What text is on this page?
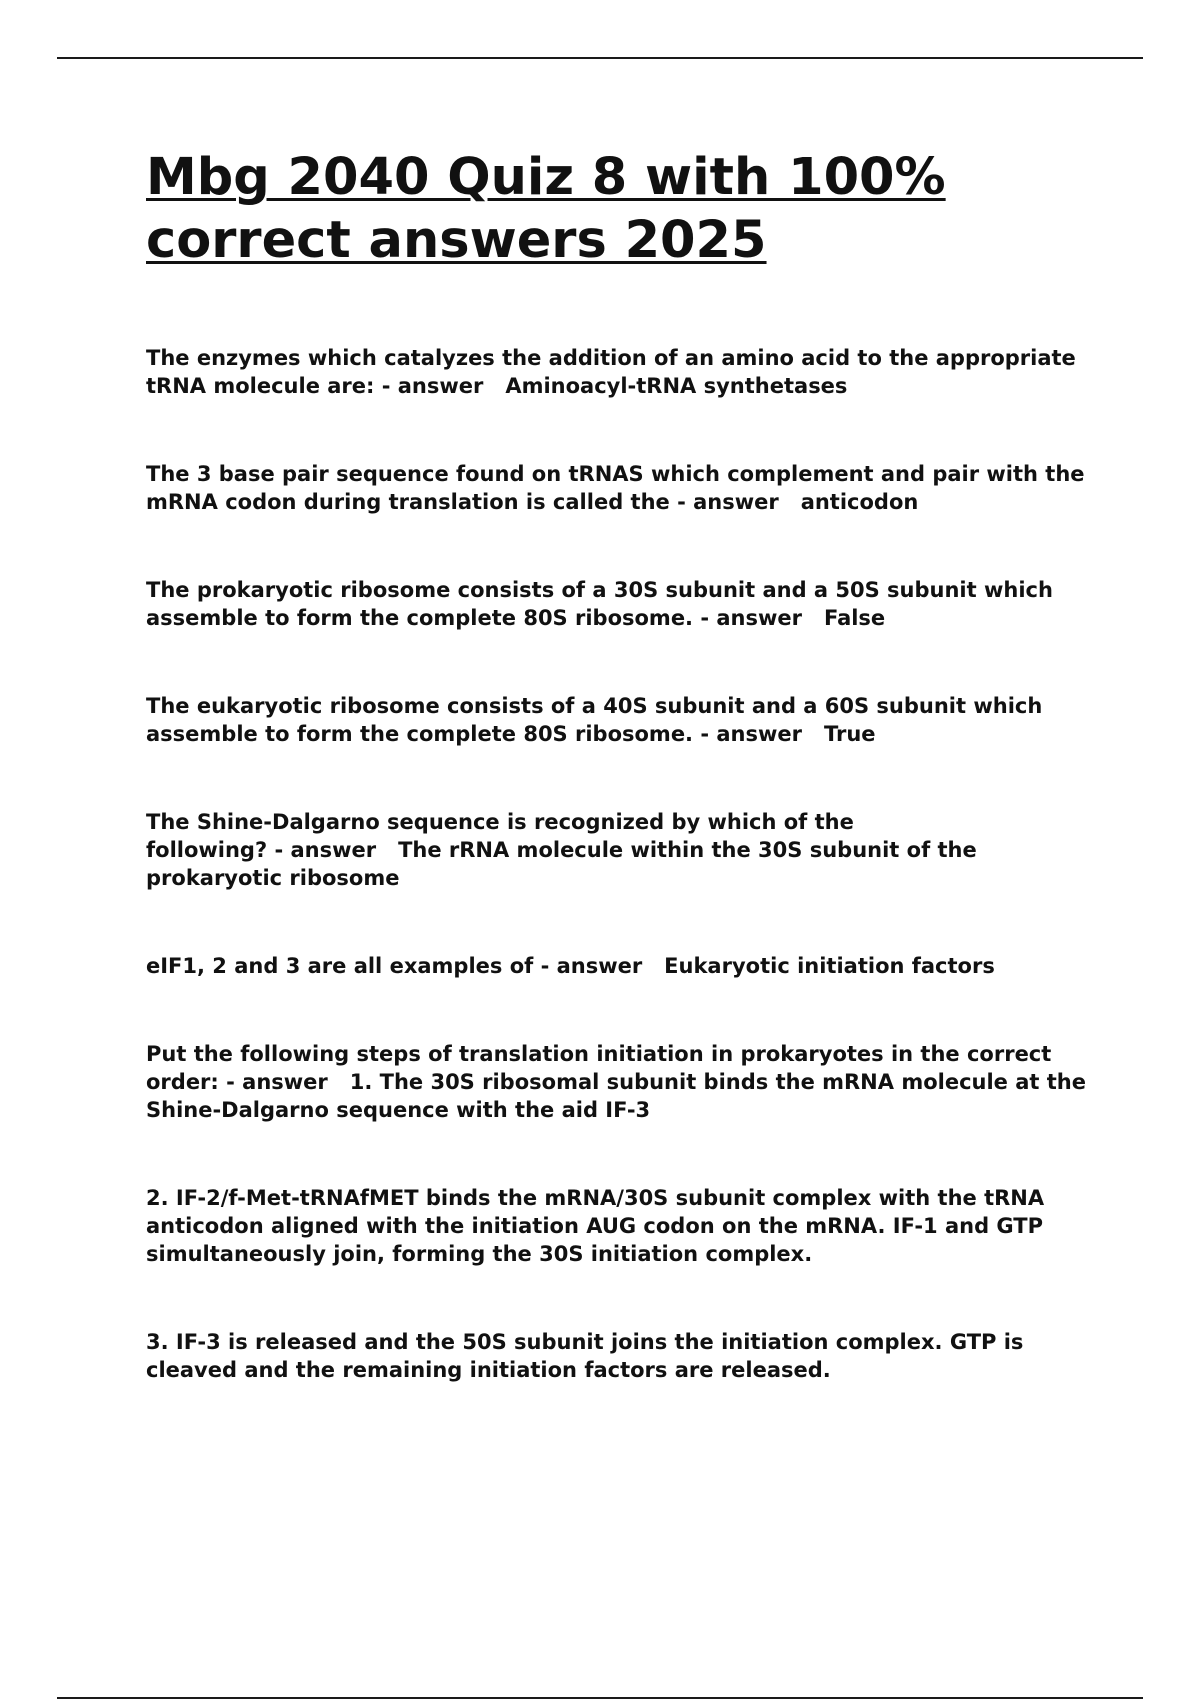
Mbg 2040 Quiz 8 with 100% correct answers 2025

The enzymes which catalyzes the addition of an amino acid to the appropriate tRNA molecule are: - answer   Aminoacyl-tRNA synthetases

The 3 base pair sequence found on tRNAS which complement and pair with the mRNA codon during translation is called the - answer   anticodon

The prokaryotic ribosome consists of a 30S subunit and a 50S subunit which assemble to form the complete 80S ribosome. - answer   False

The eukaryotic ribosome consists of a 40S subunit and a 60S subunit which assemble to form the complete 80S ribosome. - answer   True

The Shine-Dalgarno sequence is recognized by which of the following? - answer   The rRNA molecule within the 30S subunit of the prokaryotic ribosome

eIF1, 2 and 3 are all examples of - answer   Eukaryotic initiation factors

Put the following steps of translation initiation in prokaryotes in the correct order: - answer   1. The 30S ribosomal subunit binds the mRNA molecule at the Shine-Dalgarno sequence with the aid IF-3

2. IF-2/f-Met-tRNAfMET binds the mRNA/30S subunit complex with the tRNA anticodon aligned with the initiation AUG codon on the mRNA. IF-1 and GTP simultaneously join, forming the 30S initiation complex.

3. IF-3 is released and the 50S subunit joins the initiation complex. GTP is cleaved and the remaining initiation factors are released.
